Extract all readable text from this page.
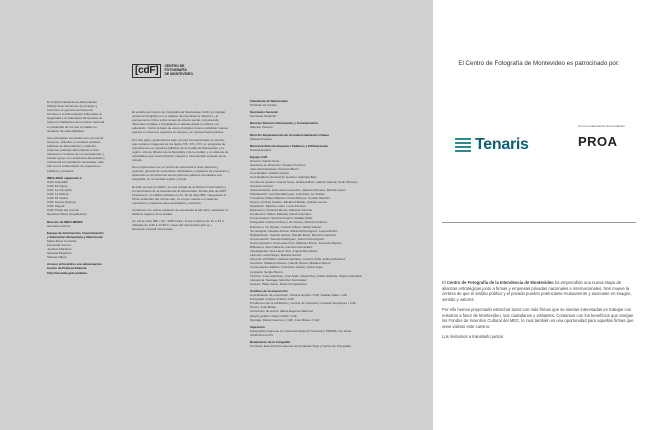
El Instituto Nacional de Alimentación (INDA) tiene funciones de proteger y promover el ejercicio del Derecho Humano a la Alimentación Adecuada, la Seguridad y la Soberanía Alimentaria de todos los habitantes del territorio nacional, en particular de los que se hallan en situación de vulnerabilidad.
Sus principales cometidos son: promover acciones, articular y coordinar políticas públicas de alimentación y nutrición, proponer políticas alimentarias a nivel nacional en materia de su competencia, y brindar apoyo con asistencia alimentaria y nutricional a la población vulnerable; todo ello con la colaboración de organismos públicos y privados.
INDA-INAU siguiendo a:
CAIF Arachalla
CAIF El Cojote
CAIF La Campiña
CAIF La Molina
CAIF Mi Casita
CAIF Nueva Quincey
CAIF Zagoal
CAIF Prado del Carrión
Nuestros Niños (Arquitectos)
Director de INDA-MIDES
Gonzalo Lecheni
Equipo de Información, Comunicación y Educación Alimentaria y Nutricional
María Rosa Curuchet
Fernanda Gómez
Josefina Martínez
Sylvana Mojaman
Silvana Villera
Acceso al Incentivo a la alimentación Centro de Primera Infancia
http://sai.inda.gub.uy/datos
[cdF]	CENTRO DE
FOTOGRAFÍA
DE MONTEVIDEO
El sentido del Centro de Fotografía de Montevideo (CdF) es trabajar desde la fotografía con el objetivo de incentivar la reflexión y el pensamiento crítico sobre temas de interés social, proponiendo diferentes miradas e impulsando el debate desde la cultura y la educación. Sobre la base de estos principios busca multiplicar nuevos aportes en diversos espacios en tiempo y en perspectivas plurales.
Por otra parte, gestionamos bajo normas internacionales un acervo que contiene imágenes de los siglos XIX, XX y XXI, un programa de exposiciones en espacios públicos de la ciudad de Montevideo y la región, otro de difusión de la fotografía y de la ciudad, y un sistema de actividades que busca difundir, integrar e intercambiar a través de la mirada.
Nos proponemos ser un centro de referencia a nivel nacional y regional, generando contenidos, actividades y espacios de encuentro y desarrollo en los diversos temas para los públicos vinculados a la fotografía, en un sentido amplio y plural.
El CdF se crea en 2002 y es una unidad de la División Información y Comunicación de la Intendencia de Montevideo. Desde julio de 2015 funciona en un edificio ubicado en Av. 18 de Julio 885, inaugurado el 25 de setiembre del mismo año, en el que cuenta con salas de exposición y espacios para actividades y servicios.
Contamos con varios espacios de exposición al aire libre, ubicados en distintos lugares de la ciudad.
Av. 18 de Julio 885 • Tel.: 1950 1219 • lunes a viernes de 10 a 19 h, sábados de 9:30 a 14:30 h • www.cdf.montevideo.gub.uy • facebook.com/cdf.montevideo
Intendente de Montevideo
Christian Di Candia
Secretario General
Fernando Nopitsch
Director División Información y Comunicación
Marcelo Visconti
Director Departamento de Acondicionamiento Urbano
Silvana Pissano
Directora División Espacios Públicos y Edificaciones
Patricia Roland
Equipo CdF
Director: Daniel Sosa
Asistente de Dirección: Susana Centeno
Jefa Administrativa: Verónica Berrio
Coordinador: Gabriel García
Coordinadora General de Gestión: Gabriela Belo
Comité de Gestión: Daniel Sosa, Gabriela Belo, Gabriel García, Pedro Barrios, Susana Centeno
Administración: Ana Laura Cosentino, Marcelo Moreira, Martha Lopes
Planificación: Gonzalo Barruque, Lola Díaz, Ivo Duhau
Curaduría: Rubén Bianchi, Pedro Barrios, Cecilia Ordoñez
Acervo: Andrés Cuadro, Elizabeth Baltar, Gabriel Lemos
Mediación: Martha Lopes, Lucía Peruzzo
Educación: Verónica Berrio, Mariana Carreño
Producción: Mauro Martella, David González
Comunicación: Victoria Ismach, Natalia Vitale
Fotografía: Andrés Cribari, Luis Alonso, Ricardo Antúnez
Ediciones: Ivo Duhau, Andrés Cribari, Nadia Tedesri
Tecnologías: Claudio Arrieta, Martina Domínguez, Luana Muñoz
Digitalización: Gabriel García, Nicolás Bedó, Mauricio Cardozo
Conservación: Sandra Rodríguez, Jazmín Domínguez
Documentación: Ana Laura Cirio, Mauricio Bruno, Facundo Ramos
Biblioteca: Julio Cabrera, Carolina Fernández
Investigación: Ana Laura Cirio, Angela Bermúdez
Librería: Lucía Negro, Mariela García
Atención al Público: Adriana Santana, Luciano Ávila, Andrea Martínez
Servicios: Mariana Chaves, Camilo Rivera, Mariana Rivero
Conservación Edificio: Francisco Lardón, Fiona Frigo
Limpieza: Sergio Rivero
Técnica: Jose Arambury, Juan Melo, Daniel Rey, Pablo Andrade, Miguel Giordano
Asistencia: Santiago Sánchez Fernández
Acceso: Pablo Favio, Dario Compodonico
Créditos de la exposición
Coordinación de exposición: Victoria Ismach / CdF, Natalia Vitale / CdF
Fotografía: Andrés Cribari / CdF
Producción de la exhibición y control de impresión: Gustavo Rodríguez / CdF
Textos: Inda-Mides
Corrección de textos: María Eugenia Martínez
Diseño gráfico: Diego Vidart / CdF
Montaje: Daniel Guerrero / CdF, José Ribero / CdF
Impresión
Fotografías impresas en Impresora Epson® SureColor P20000, con tintas UltraChrome Pro
Realización de la fotografía
Comisión Especial Permanente de la Ciudad Vieja y Centro de Fotografía
El Centro de Fotografía de Montevideo es patrocinado por:
Tenaris
Con la colaboración de Fundación
PROA
El Centro de Fotografía de la Intendencia de Montevideo ha emprendido una nueva etapa de alianzas estratégicas junto a firmas y empresas privadas nacionales e internacionales. Nos mueve la certeza de que el ámbito público y el privado pueden potenciarse mutuamente y asociarse en imagen, sentido y valores.
Por ello hemos proyectado estrechar lazos con más firmas que se sientan interesadas en trabajar con nosotros a favor de Montevideo, sus ciudadanos y visitantes. Contamos con los beneficios que otorgan los Fondos de Incentivo Cultural del MEC, lo cual también es una oportunidad para aquellas firmas que vean valioso este camino.
Los invitamos a transitarlo juntos.
